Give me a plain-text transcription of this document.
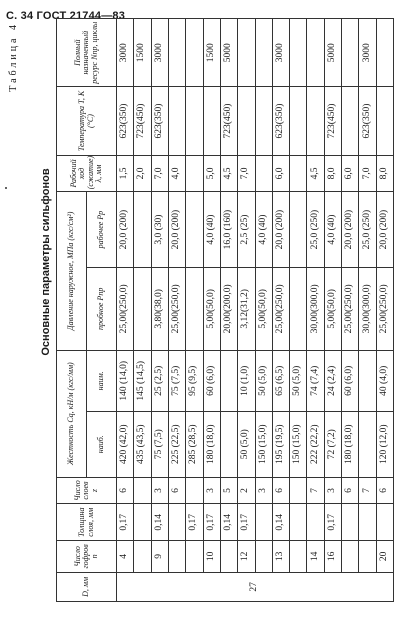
С. 34 ГОСТ 21744—83
Таблица 4
Основные параметры сильфонов
D, мм	Число гофров n	Толщина слоя, мм	Число слоев z	Жесткость Cq, кН/м (кгс/мм)		Давление наружное, МПа (кгс/см²)		Рабочий ход (сжатие) λ, мм	Температура T, К (°С)	Полный назначенный ресурс Nпр, циклы
				наиб.	наим.	пробное Pпр	рабочее Pр			
27	4	0,17	6	420 (42,0)	140 (14,0)	25,00(250,0)	20,0 (200)	1,5	623(350)	3000
				435 (43,5)	145 (14,5)			2,0	723(450)	1500
	9	0,14	3	75 (7,5)	25 (2,5)	3,80(38,0)	3,0 (30)	7,0	623(350)	3000
			6	225 (22,5)	75 (7,5)	25,00(250,0)	20,0 (200)	4,0		
		0,17		285 (28,5)	95 (9,5)					
	10	0,17	3	180 (18,0)	60 (6,0)	5,00(50,0)	4,0 (40)	5,0		1500
		0,14	5			20,00(200,0)	16,0 (160)	4,5	723(450)	5000
	12	0,17	2	50 (5,0)	10 (1,0)	3,12(31,2)	2,5 (25)	7,0		
			3	150 (15,0)	50 (5,0)	5,00(50,0)	4,0 (40)			
	13	0,14	6	195 (19,5)	65 (6,5)	25,00(250,0)	20,0 (200)	6,0	623(350)	3000
				150 (15,0)	50 (5,0)					
	14		7	222 (22,2)	74 (7,4)	30,00(300,0)	25,0 (250)	4,5		
	16	0,17	3	72 (7,2)	24 (2,4)	5,00(50,0)	4,0 (40)	8,0	723(450)	5000
			6	180 (18,0)	60 (6,0)	25,00(250,0)	20,0 (200)	6,0		
			7			30,00(300,0)	25,0 (250)	7,0	623(350)	3000
	20		6	120 (12,0)	40 (4,0)	25,00(250,0)	20,0 (200)	8,0		
